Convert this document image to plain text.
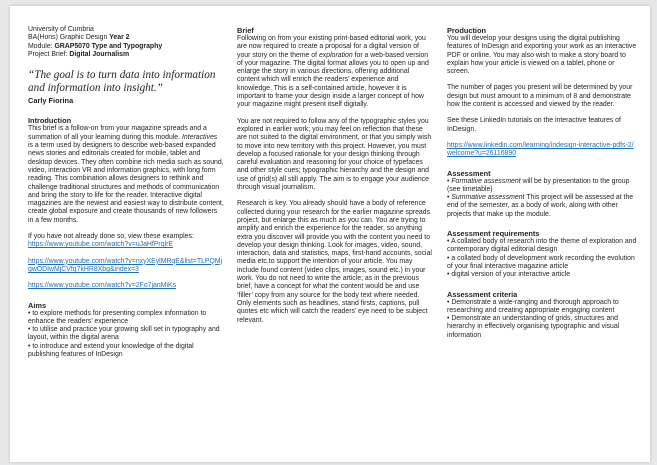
University of Cumbria

BA(Hons) Graphic Design Year 2

Module: GRAP5070 Type and Typography

Project Brief: Digital Journalism

“The goal is to turn data into information and information into insight.”

Carly Fiorina

Introduction

This brief is a follow-on from your magazine spreads and a summation of all your learning during this module. Interactives is a term used by designers to describe web-based expanded news stories and editorials created for mobile, tablet and desktop devices. They often combine rich media such as sound, video, interaction VR and information graphics, with long form reading. This combination allows designers to rethink and challenge traditional structures and methods of communication and bring the story to life for the reader. Interactive digital magazines are the newest and easiest way to distribute content, create global exposure and create thousands of new followers in a few months.

If you have not already done so, view these examples:

https://www.youtube.com/watch?v=uJaHfPrqlrE

https://www.youtube.com/watch?v=nxyXEylMRqE&list=TLPQMjgwODIwMjCVfq7kHR8Xbg&index=3

https://www.youtube.com/watch?v=2Fo7janMiKs

Aims

• to explore methods for presenting complex information to enhance the readers’ experience
• to utilise and practice your growing skill set in typography and layout, within the digital arena
• to introduce and extend your knowledge of the digital publishing features of InDesign

Brief

Following on from your existing print-based editorial work, you are now required to create a proposal for a digital version of your story on the theme of exploration for a web-based version of your magazine. The digital format allows you to open up and enlarge the story in various directions, offering additional content which will enrich the readers’ experience and knowledge. This is a self-contained article, however it is important to frame your design inside a larger concept of how your magazine might present itself digitally.

You are not required to follow any of the typographic styles you explored in earlier work; you may feel on reflection that these are not suited to the digital environment, or that you simply wish to move into new territory with this project. However, you must develop a focused rationale for your design thinking through careful evaluation and reasoning for your choice of typefaces and other style cues; typographic hierarchy and the design and use of grid(s) all still apply. The aim is to engage your audience through visual journalism.

Research is key. You already should have a body of reference collected during your research for the earlier magazine spreads project, but enlarge this as much as you can. You are trying to amplify and enrich the experience for the reader, so anything extra you discover will provide you with the content you need to develop your design thinking. Look for images, video, sound, interaction, data and statistics, maps, first-hand accounts, social media etc.to support the intention of your article. You may include found content (video clips, images, sound etc.) in your work. You do not need to write the article; as in the previous brief, have a concept for what the content would be and use ‘filler’ copy from any source for the body text where needed. Only elements such as headlines, stand firsts, captions, pull quotes etc which will catch the readers’ eye need to be subject relevant.

Production

You will develop your designs using the digital publishing features of InDesign and exporting your work as an interactive PDF or online. You may also wish to make a story board to explain how your article is viewed on a tablet, phone or screen.

The number of pages you present will be determined by your design but must amount to a minimum of 8 and demonstrate how the content is accessed and viewed by the reader.

See these LinkedIn tutorials on the interactive features of InDesign.

https://www.linkedin.com/learning/indesign-interactive-pdfs-2/welcome?u=26116890

Assessment

• Formative assessment will be by presentation to the group (see timetable)

• Summative assessment This project will be assessed at the end of the semester, as a body of work, along with other projects that make up the module.

Assessment requirements

• A collated body of research into the theme of exploration and contemporary digital editorial design
• a collated body of development work recording the evolution of your final interactive magazine article
• digital version of your interactive article

Assessment criteria

• Demonstrate a wide-ranging and thorough approach to researching and creating appropriate engaging content
• Demonstrate an understanding of grids, structures and hierarchy in effectively organising typographic and visual information
